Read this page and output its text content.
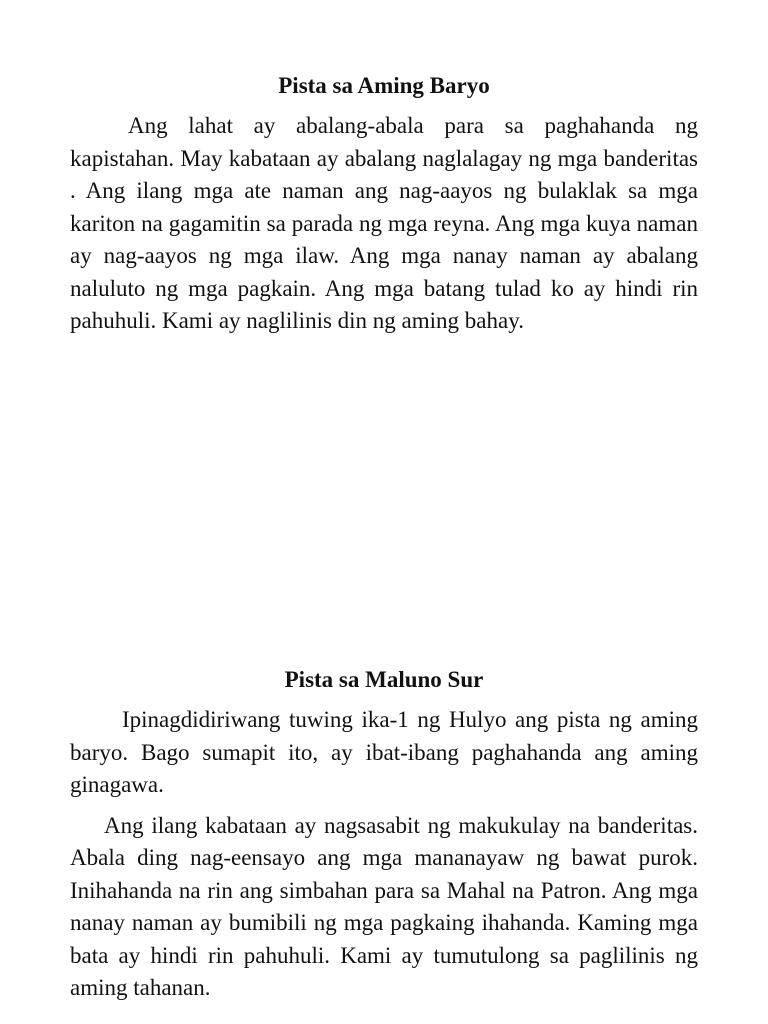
Pista sa Aming Baryo

Ang lahat ay abalang-abala para sa paghahanda ng kapistahan. May kabataan ay abalang naglalagay ng mga banderitas . Ang ilang mga ate naman ang nag-aayos ng bulaklak sa mga kariton na gagamitin sa parada ng mga reyna. Ang mga kuya naman ay nag-aayos ng mga ilaw. Ang mga nanay naman ay abalang naluluto ng mga pagkain. Ang mga batang tulad ko ay hindi rin pahuhuli. Kami ay naglilinis din ng aming bahay.

Pista sa Maluno Sur

Ipinagdidiriwang tuwing ika-1 ng Hulyo ang pista ng aming baryo. Bago sumapit ito, ay ibat-ibang paghahanda ang aming ginagawa.

Ang ilang kabataan ay nagsasabit ng makukulay na banderitas. Abala ding nag-eensayo ang mga mananayaw ng bawat purok. Inihahanda na rin ang simbahan para sa Mahal na Patron. Ang mga nanay naman ay bumibili ng mga pagkaing ihahanda. Kaming mga bata ay hindi rin pahuhuli. Kami ay tumutulong sa paglilinis ng aming tahanan.
